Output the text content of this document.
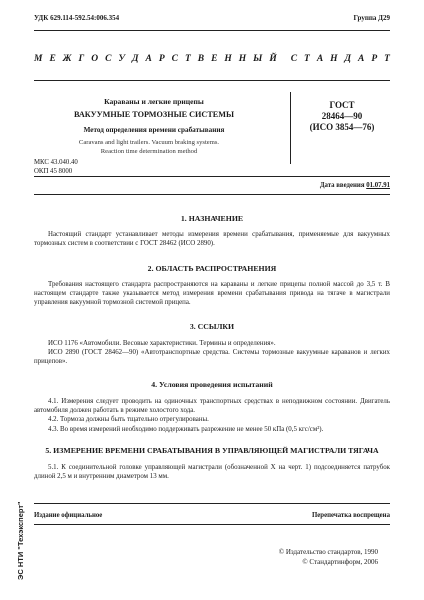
УДК 629.114-592.54:006.354	Группа Д29
М Е Ж Г О С У Д А Р С Т В Е Н Н Ы Й С Т А Н Д А Р Т
Караваны и легкие прицепы
ВАКУУМНЫЕ ТОРМОЗНЫЕ СИСТЕМЫ
Метод определения времени срабатывания
Caravans and light trailers. Vacuum braking systems.
Reaction time determination method
ГОСТ
28464—90
(ИСО 3854—76)
МКС 43.040.40
ОКП 45 8000
Дата введения 01.07.91
1. НАЗНАЧЕНИЕ

Настоящий стандарт устанавливает методы измерения времени срабатывания, применяемые для вакуумных тормозных систем в соответствии с ГОСТ 28462 (ИСО 2890).

2. ОБЛАСТЬ РАСПРОСТРАНЕНИЯ

Требования настоящего стандарта распространяются на караваны и легкие прицепы полной массой до 3,5 т. В настоящем стандарте также указывается метод измерения времени срабатывания привода на тягаче в магистрали управления вакуумной тормозной системой прицепа.

3. ССЫЛКИ

ИСО 1176 «Автомобили. Весовые характеристики. Термины и определения».

ИСО 2890 (ГОСТ 28462—90) «Автотранспортные средства. Системы тормозные вакуумные караванов и легких прицепов».

4. Условия проведения испытаний

4.1. Измерения следует проводить на одиночных транспортных средствах в неподвижном состоянии. Двигатель автомобиля должен работать в режиме холостого хода.

4.2. Тормоза должны быть тщательно отрегулированы.

4.3. Во время измерений необходимо поддерживать разрежение не менее 50 кПа (0,5 кгс/см²).

5. ИЗМЕРЕНИЕ ВРЕМЕНИ СРАБАТЫВАНИЯ В УПРАВЛЯЮЩЕЙ МАГИСТРАЛИ ТЯГАЧА

5.1. К соединительной головке управляющей магистрали (обозначенной X на черт. 1) подсоединяется патрубок длиной 2,5 м и внутренним диаметром 13 мм.

Издание официальное	Перепечатка воспрещена
© Издательство стандартов, 1990
© Стандартинформ, 2006
ЭС НТИ "Техэксперт"
